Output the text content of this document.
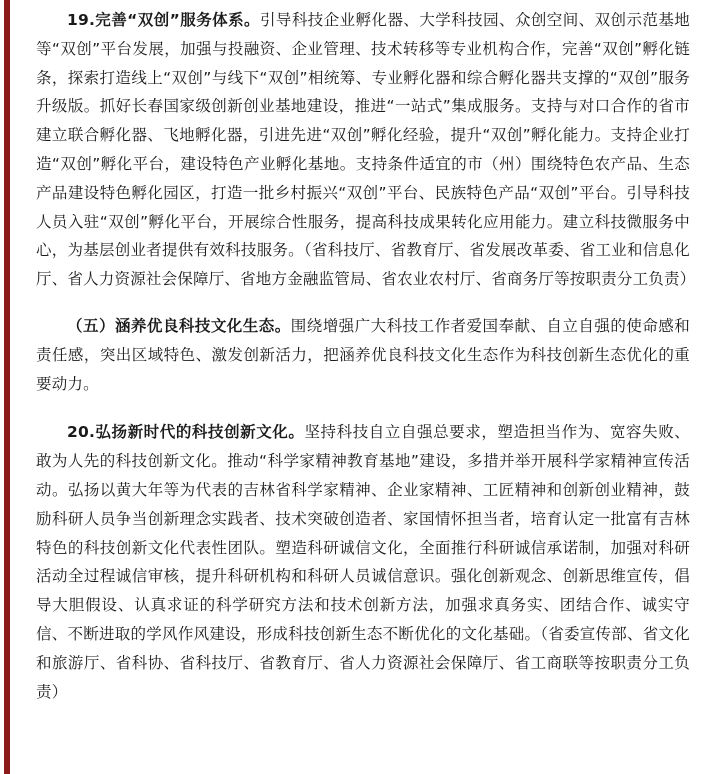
19.完善“双创”服务体系。引导科技企业孵化器、大学科技园、众创空间、双创示范基地等“双创”平台发展，加强与投融资、企业管理、技术转移等专业机构合作，完善“双创”孵化链条，探索打造线上“双创”与线下“双创”相统筹、专业孵化器和综合孵化器共支撑的“双创”服务升级版。抓好长春国家级创新创业基地建设，推进“一站式”集成服务。支持与对口合作的省市建立联合孵化器、飞地孵化器，引进先进“双创”孵化经验，提升“双创”孵化能力。支持企业打造“双创”孵化平台，建设特色产业孵化基地。支持条件适宜的市（州）围绕特色农产品、生态产品建设特色孵化园区，打造一批乡村振兴“双创”平台、民族特色产品“双创”平台。引导科技人员入驻“双创”孵化平台，开展综合性服务，提高科技成果转化应用能力。建立科技微服务中心，为基层创业者提供有效科技服务。（省科技厅、省教育厅、省发展改革委、省工业和信息化厅、省人力资源社会保障厅、省地方金融监管局、省农业农村厅、省商务厅等按职责分工负责）

（五）涵养优良科技文化生态。围绕增强广大科技工作者爱国奉献、自立自强的使命感和责任感，突出区域特色、激发创新活力，把涵养优良科技文化生态作为科技创新生态优化的重要动力。

20.弘扬新时代的科技创新文化。坚持科技自立自强总要求，塑造担当作为、宽容失败、敢为人先的科技创新文化。推动“科学家精神教育基地”建设，多措并举开展科学家精神宣传活动。弘扬以黄大年等为代表的吉林省科学家精神、企业家精神、工匠精神和创新创业精神，鼓励科研人员争当创新理念实践者、技术突破创造者、家国情怀担当者，培育认定一批富有吉林特色的科技创新文化代表性团队。塑造科研诚信文化，全面推行科研诚信承诺制，加强对科研活动全过程诚信审核，提升科研机构和科研人员诚信意识。强化创新观念、创新思维宣传，倡导大胆假设、认真求证的科学研究方法和技术创新方法，加强求真务实、团结合作、诚实守信、不断进取的学风作风建设，形成科技创新生态不断优化的文化基础。（省委宣传部、省文化和旅游厅、省科协、省科技厅、省教育厅、省人力资源社会保障厅、省工商联等按职责分工负责）
